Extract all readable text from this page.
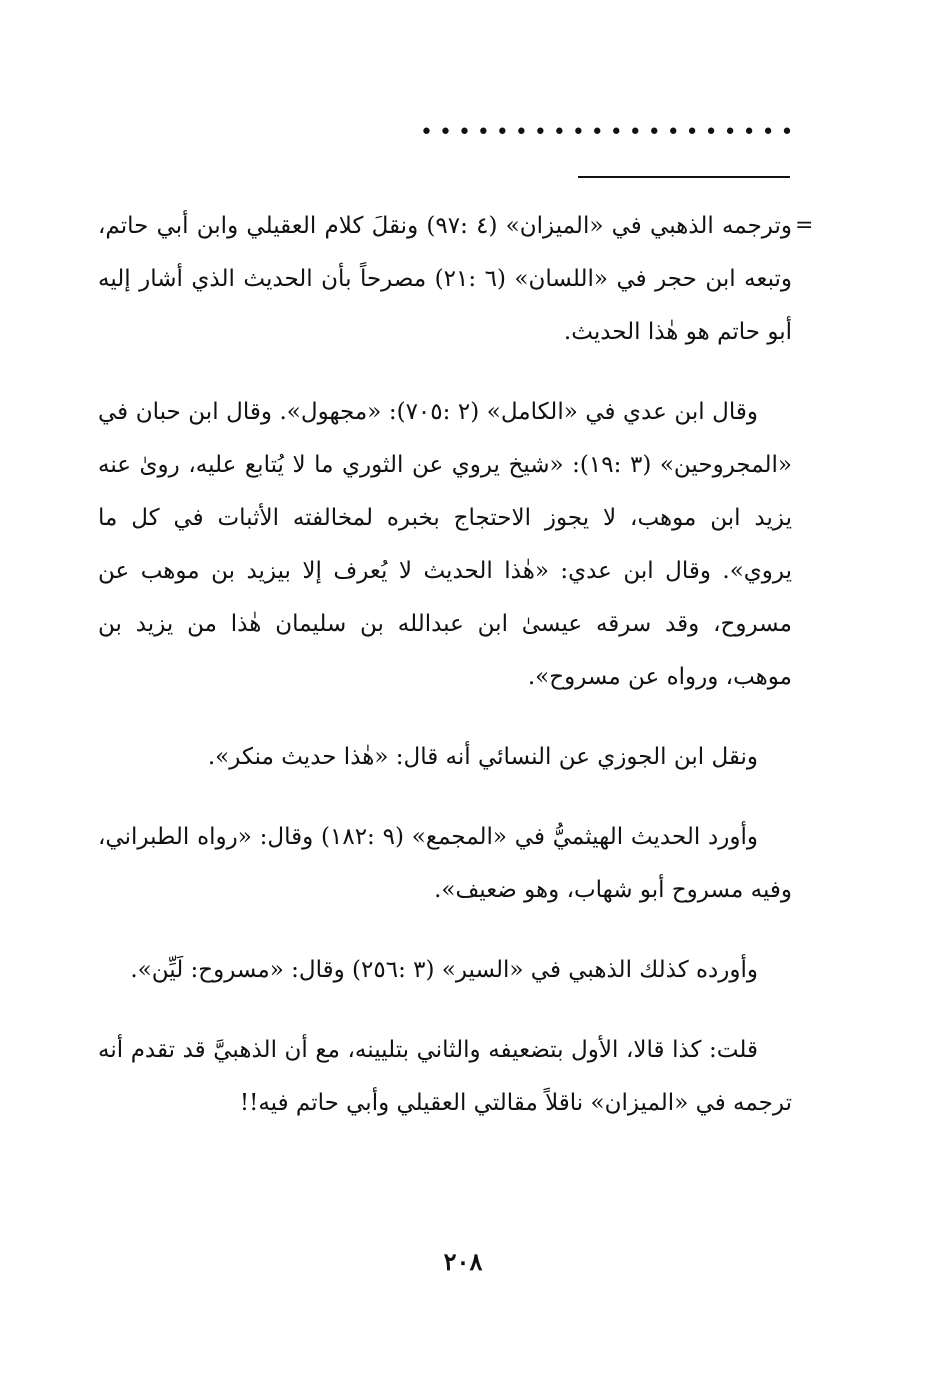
••••••••••••••••••••
=

وترجمه الذهبي في «الميزان» (٤ :٩٧) ونقلَ كلام العقيلي وابن أبي حاتم، وتبعه ابن حجر في «اللسان» (٦ :٢١) مصرحاً بأن الحديث الذي أشار إليه أبو حاتم هو هٰذا الحديث.

وقال ابن عدي في «الكامل» (٢ :٧٠٥): «مجهول». وقال ابن حبان في «المجروحين» (٣ :١٩): «شيخ يروي عن الثوري ما لا يُتابع عليه، روىٰ عنه يزيد ابن موهب، لا يجوز الاحتجاج بخبره لمخالفته الأثبات في كل ما يروي». وقال ابن عدي: «هٰذا الحديث لا يُعرف إلا بيزيد بن موهب عن مسروح، وقد سرقه عيسىٰ ابن عبدالله بن سليمان هٰذا من يزيد بن موهب، ورواه عن مسروح».

ونقل ابن الجوزي عن النسائي أنه قال: «هٰذا حديث منكر».

وأورد الحديث الهيثميُّ في «المجمع» (٩ :١٨٢) وقال: «رواه الطبراني، وفيه مسروح أبو شهاب، وهو ضعيف».

وأورده كذلك الذهبي في «السير» (٣ :٢٥٦) وقال: «مسروح: لَيِّن».

قلت: كذا قالا، الأول بتضعيفه والثاني بتليينه، مع أن الذهبيَّ قد تقدم أنه ترجمه في «الميزان» ناقلاً مقالتي العقيلي وأبي حاتم فيه!!

٢٠٨
